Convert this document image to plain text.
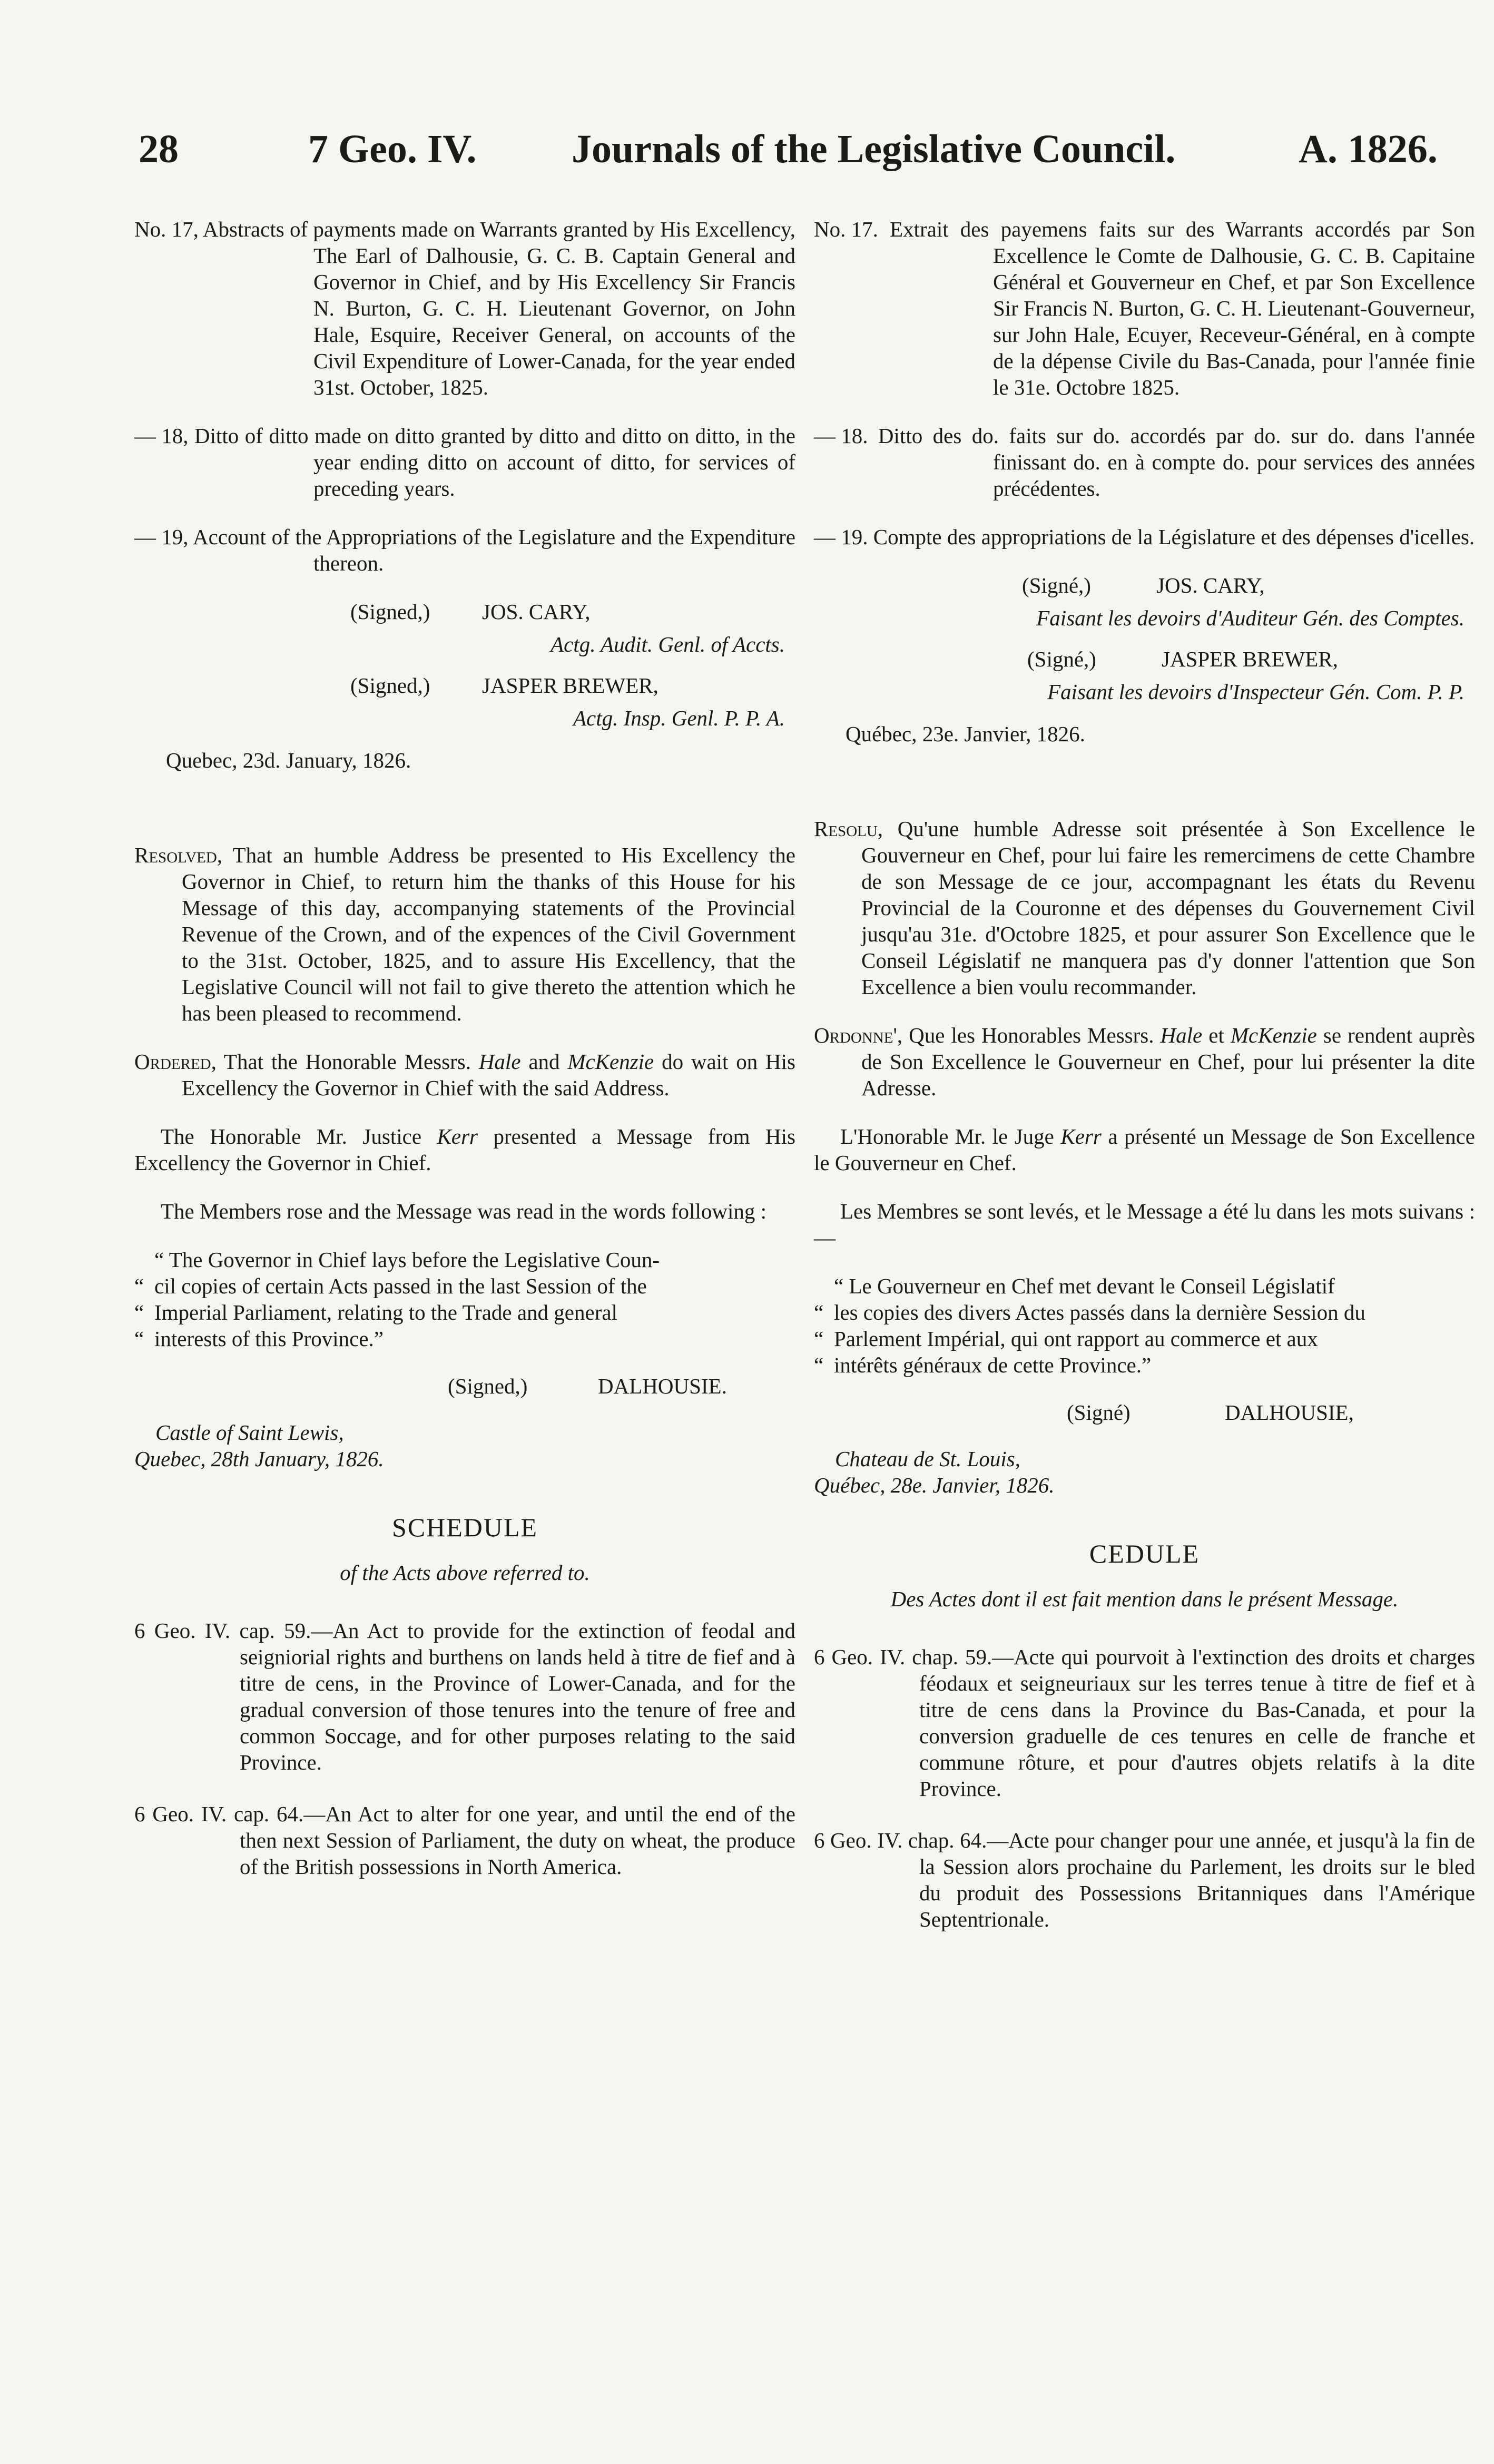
28	7 Geo. IV. Journals of the Legislative Council.	A. 1826.

No. 17, Abstracts of payments made on Warrants granted by His Excellency, The Earl of Dalhousie, G. C. B. Captain General and Governor in Chief, and by His Excellency Sir Francis N. Burton, G. C. H. Lieutenant Governor, on John Hale, Esquire, Receiver General, on accounts of the Civil Expenditure of Lower-Canada, for the year ended 31st. October, 1825.

— 18, Ditto of ditto made on ditto granted by ditto and ditto on ditto, in the year ending ditto on account of ditto, for services of preceding years.

— 19, Account of the Appropriations of the Legislature and the Expenditure thereon.

(Signed,) JOS. CARY,

Actg. Audit. Genl. of Accts.

(Signed,) JASPER BREWER,

Actg. Insp. Genl. P. P. A.

Quebec, 23d. January, 1826.

Resolved, That an humble Address be presented to His Excellency the Governor in Chief, to return him the thanks of this House for his Message of this day, accompanying statements of the Provincial Revenue of the Crown, and of the expences of the Civil Government to the 31st. October, 1825, and to assure His Excellency, that the Legislative Council will not fail to give thereto the attention which he has been pleased to recommend.

Ordered, That the Honorable Messrs. Hale and McKenzie do wait on His Excellency the Governor in Chief with the said Address.

The Honorable Mr. Justice Kerr presented a Message from His Excellency the Governor in Chief.

The Members rose and the Message was read in the words following :

“ The Governor in Chief lays before the Legislative Coun-
“ cil copies of certain Acts passed in the last Session of the
“ Imperial Parliament, relating to the Trade and general
“ interests of this Province.”
(Signed,)	DALHOUSIE.
Castle of Saint Lewis,
Quebec, 28th January, 1826.

SCHEDULE

of the Acts above referred to.

6 Geo. IV. cap. 59.—An Act to provide for the extinction of feodal and seigniorial rights and burthens on lands held à titre de fief and à titre de cens, in the Province of Lower-Canada, and for the gradual conversion of those tenures into the tenure of free and common Soccage, and for other purposes relating to the said Province.

6 Geo. IV. cap. 64.—An Act to alter for one year, and until the end of the then next Session of Parliament, the duty on wheat, the produce of the British possessions in North America.

No. 17. Extrait des payemens faits sur des Warrants accordés par Son Excellence le Comte de Dalhousie, G. C. B. Capitaine Général et Gouverneur en Chef, et par Son Excellence Sir Francis N. Burton, G. C. H. Lieutenant-Gouverneur, sur John Hale, Ecuyer, Receveur-Général, en à compte de la dépense Civile du Bas-Canada, pour l'année finie le 31e. Octobre 1825.

— 18. Ditto des do. faits sur do. accordés par do. sur do. dans l'année finissant do. en à compte do. pour services des années précédentes.

— 19. Compte des appropriations de la Législature et des dépenses d'icelles.

(Signé,)	JOS. CARY,

Faisant les devoirs d'Auditeur Gén. des Comptes.

(Signé,)	JASPER BREWER,

Faisant les devoirs d'Inspecteur Gén. Com. P. P.

Québec, 23e. Janvier, 1826.

Resolu, Qu'une humble Adresse soit présentée à Son Excellence le Gouverneur en Chef, pour lui faire les remercimens de cette Chambre de son Message de ce jour, accompagnant les états du Revenu Provincial de la Couronne et des dépenses du Gouvernement Civil jusqu'au 31e. d'Octobre 1825, et pour assurer Son Excellence que le Conseil Législatif ne manquera pas d'y donner l'attention que Son Excellence a bien voulu recommander.

Ordonne', Que les Honorables Messrs. Hale et McKenzie se rendent auprès de Son Excellence le Gouverneur en Chef, pour lui présenter la dite Adresse.

L'Honorable Mr. le Juge Kerr a présenté un Message de Son Excellence le Gouverneur en Chef.

Les Membres se sont levés, et le Message a été lu dans les mots suivans :—

“ Le Gouverneur en Chef met devant le Conseil Législatif
“ les copies des divers Actes passés dans la dernière Session du
“ Parlement Impérial, qui ont rapport au commerce et aux
“ intérêts généraux de cette Province.”
(Signé)	DALHOUSIE,
Chateau de St. Louis,
Québec, 28e. Janvier, 1826.

CEDULE

Des Actes dont il est fait mention dans le présent Message.

6 Geo. IV. chap. 59.—Acte qui pourvoit à l'extinction des droits et charges féodaux et seigneuriaux sur les terres tenue à titre de fief et à titre de cens dans la Province du Bas-Canada, et pour la conversion graduelle de ces tenures en celle de franche et commune rôture, et pour d'autres objets relatifs à la dite Province.

6 Geo. IV. chap. 64.—Acte pour changer pour une année, et jusqu'à la fin de la Session alors prochaine du Parlement, les droits sur le bled du produit des Possessions Britanniques dans l'Amérique Septentrionale.
